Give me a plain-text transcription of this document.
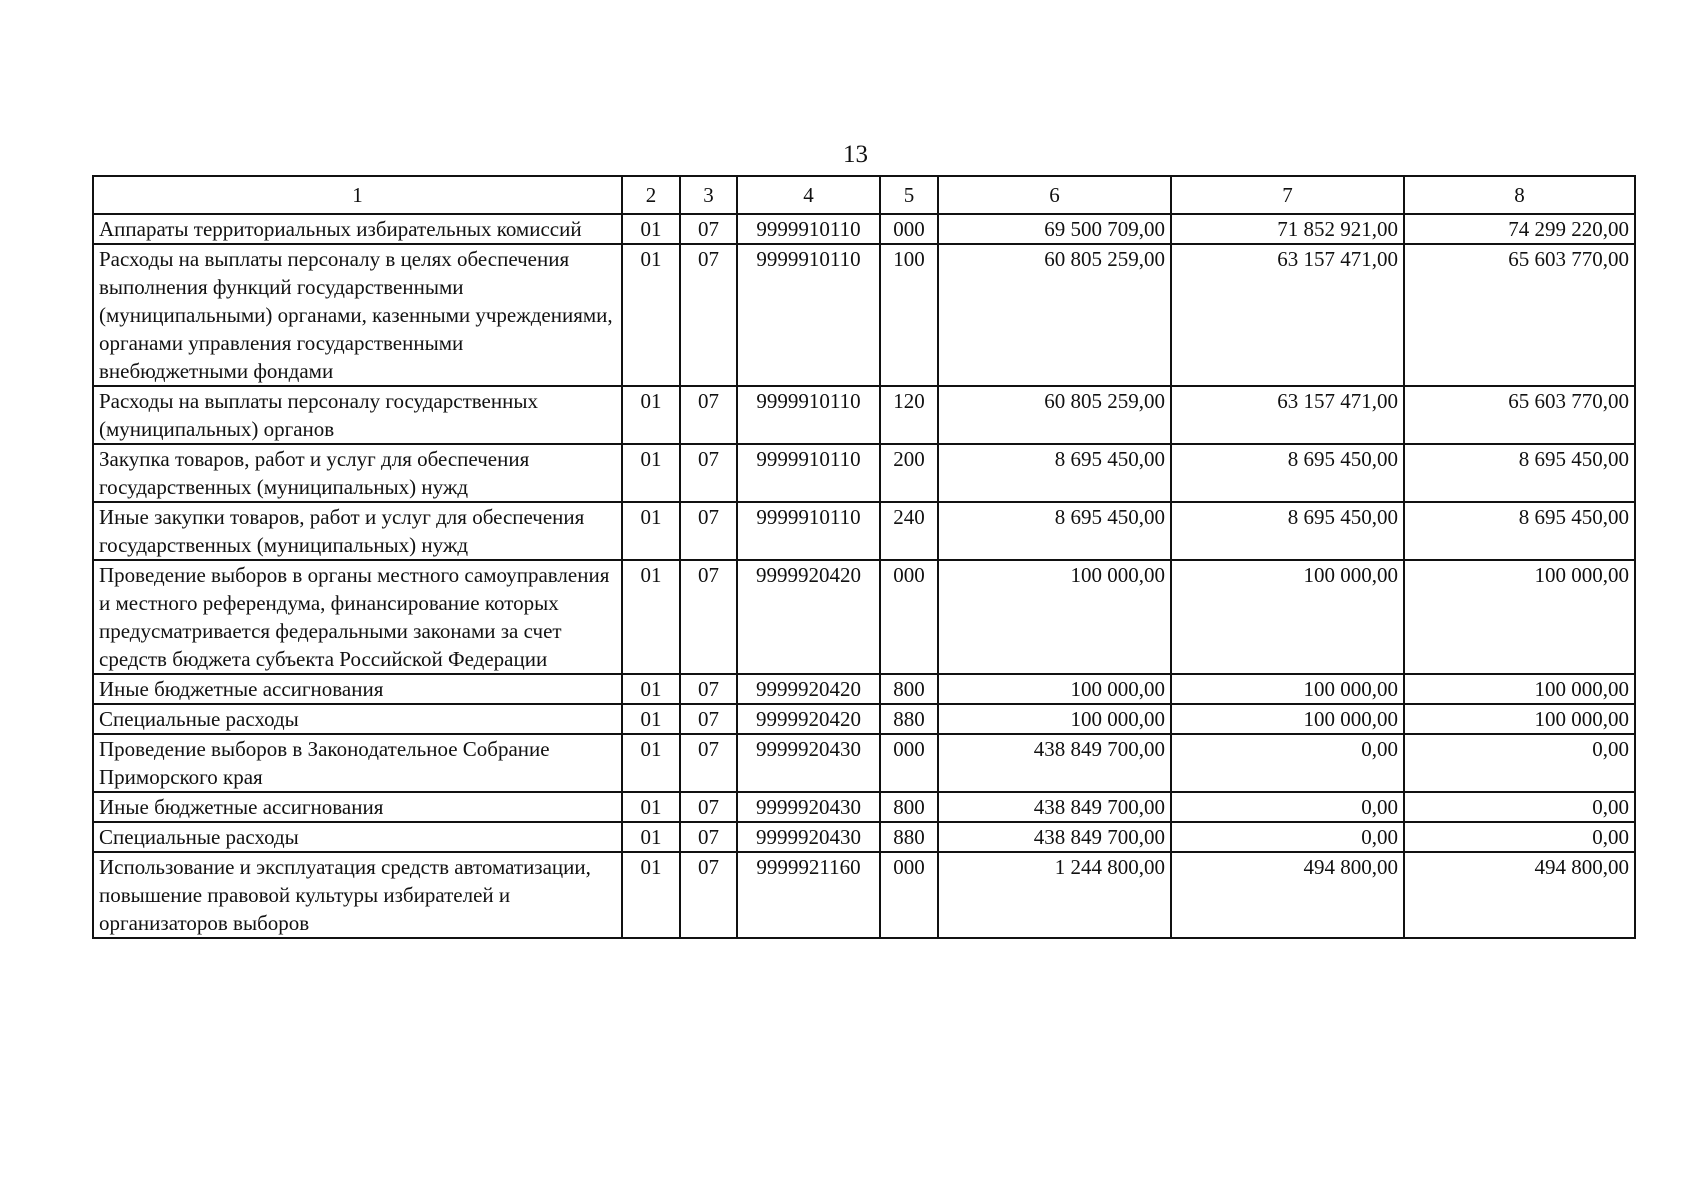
13
1	2	3	4	5	6	7	8
Аппараты территориальных избирательных комиссий	01	07	9999910110	000	69 500 709,00	71 852 921,00	74 299 220,00
Расходы на выплаты персоналу в целях обеспечения выполнения функций государственными (муниципальными) органами, казенными учреждениями, органами управления государственными внебюджетными фондами	01	07	9999910110	100	60 805 259,00	63 157 471,00	65 603 770,00
Расходы на выплаты персоналу государственных (муниципальных) органов	01	07	9999910110	120	60 805 259,00	63 157 471,00	65 603 770,00
Закупка товаров, работ и услуг для обеспечения государственных (муниципальных) нужд	01	07	9999910110	200	8 695 450,00	8 695 450,00	8 695 450,00
Иные закупки товаров, работ и услуг для обеспечения государственных (муниципальных) нужд	01	07	9999910110	240	8 695 450,00	8 695 450,00	8 695 450,00
Проведение выборов в органы местного самоуправления и местного референдума, финансирование которых предусматривается федеральными законами за счет средств бюджета субъекта Российской Федерации	01	07	9999920420	000	100 000,00	100 000,00	100 000,00
Иные бюджетные ассигнования	01	07	9999920420	800	100 000,00	100 000,00	100 000,00
Специальные расходы	01	07	9999920420	880	100 000,00	100 000,00	100 000,00
Проведение выборов в Законодательное Собрание Приморского края	01	07	9999920430	000	438 849 700,00	0,00	0,00
Иные бюджетные ассигнования	01	07	9999920430	800	438 849 700,00	0,00	0,00
Специальные расходы	01	07	9999920430	880	438 849 700,00	0,00	0,00
Использование и эксплуатация средств автоматизации, повышение правовой культуры избирателей и организаторов выборов	01	07	9999921160	000	1 244 800,00	494 800,00	494 800,00
